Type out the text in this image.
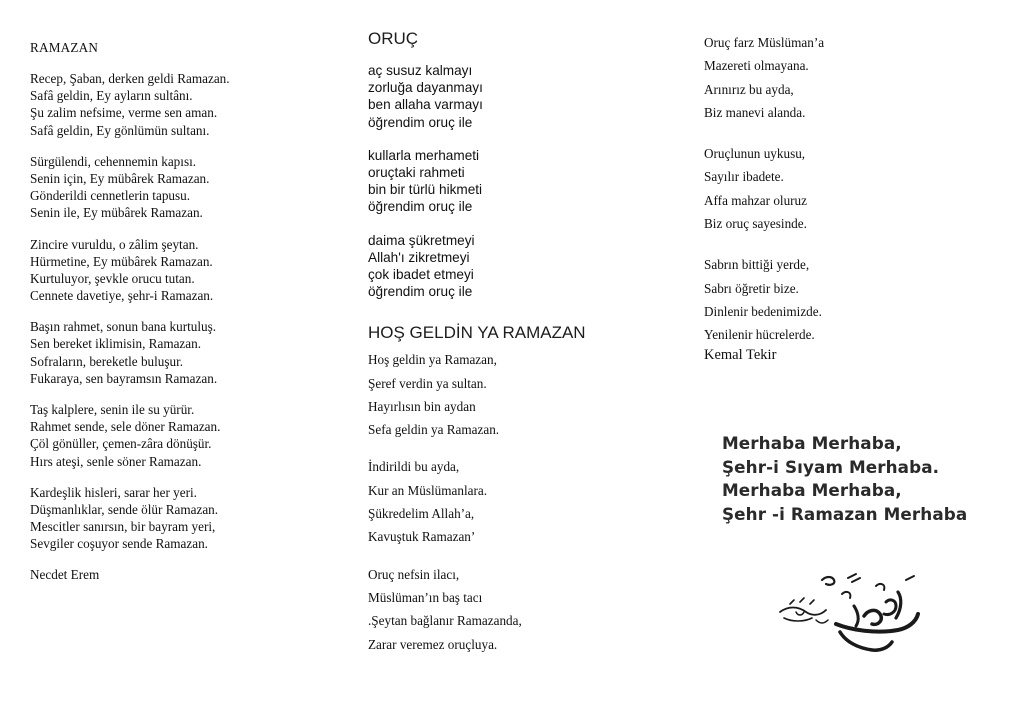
RAMAZAN
Recep, Şaban, derken geldi Ramazan.
Safâ geldin, Ey ayların sultânı.
Şu zalim nefsime, verme sen aman.
Safâ geldin, Ey gönlümün sultanı.
Sürgülendi, cehennemin kapısı.
Senin için, Ey mübârek Ramazan.
Gönderildi cennetlerin tapusu.
Senin ile, Ey mübârek Ramazan.
Zincire vuruldu, o zâlim şeytan.
Hürmetine, Ey mübârek Ramazan.
Kurtuluyor, şevkle orucu tutan.
Cennete davetiye, şehr-i Ramazan.
Başın rahmet, sonun bana kurtuluş.
Sen bereket iklimisin, Ramazan.
Sofraların, bereketle buluşur.
Fukaraya, sen bayramsın Ramazan.
Taş kalplere, senin ile su yürür.
Rahmet sende, sele döner Ramazan.
Çöl gönüller, çemen-zâra dönüşür.
Hırs ateşi, senle söner Ramazan.
Kardeşlik hisleri, sarar her yeri.
Düşmanlıklar, sende ölür Ramazan.
Mescitler sanırsın, bir bayram yeri,
Sevgiler coşuyor sende Ramazan.
Necdet Erem
ORUÇ
aç susuz kalmayı
zorluğa dayanmayı
ben allaha varmayı
öğrendim oruç ile
kullarla merhameti
oruçtaki rahmeti
bin bir türlü hikmeti
öğrendim oruç ile
daima şükretmeyi
Allah'ı zikretmeyi
çok ibadet etmeyi
öğrendim oruç ile
HOŞ GELDİN YA RAMAZAN
Hoş geldin ya Ramazan,
Şeref verdin ya sultan.
Hayırlısın bin aydan
Sefa geldin ya Ramazan.
İndirildi bu ayda,
Kur an Müslümanlara.
Şükredelim Allah’a,
Kavuştuk Ramazan’
Oruç nefsin ilacı,
Müslüman’ın baş tacı
.Şeytan bağlanır Ramazanda,
Zarar veremez oruçluya.
Oruç farz Müslüman’a
Mazereti olmayana.
Arınırız bu ayda,
Biz manevi alanda.
Oruçlunun uykusu,
Sayılır ibadete.
Affa mahzar oluruz
Biz oruç sayesinde.
Sabrın bittiği yerde,
Sabrı öğretir bize.
Dinlenir bedenimizde.
Yenilenir hücrelerde.
Kemal Tekir
Merhaba Merhaba,
Şehr-i Sıyam Merhaba.
Merhaba Merhaba,
Şehr -i Ramazan Merhaba
